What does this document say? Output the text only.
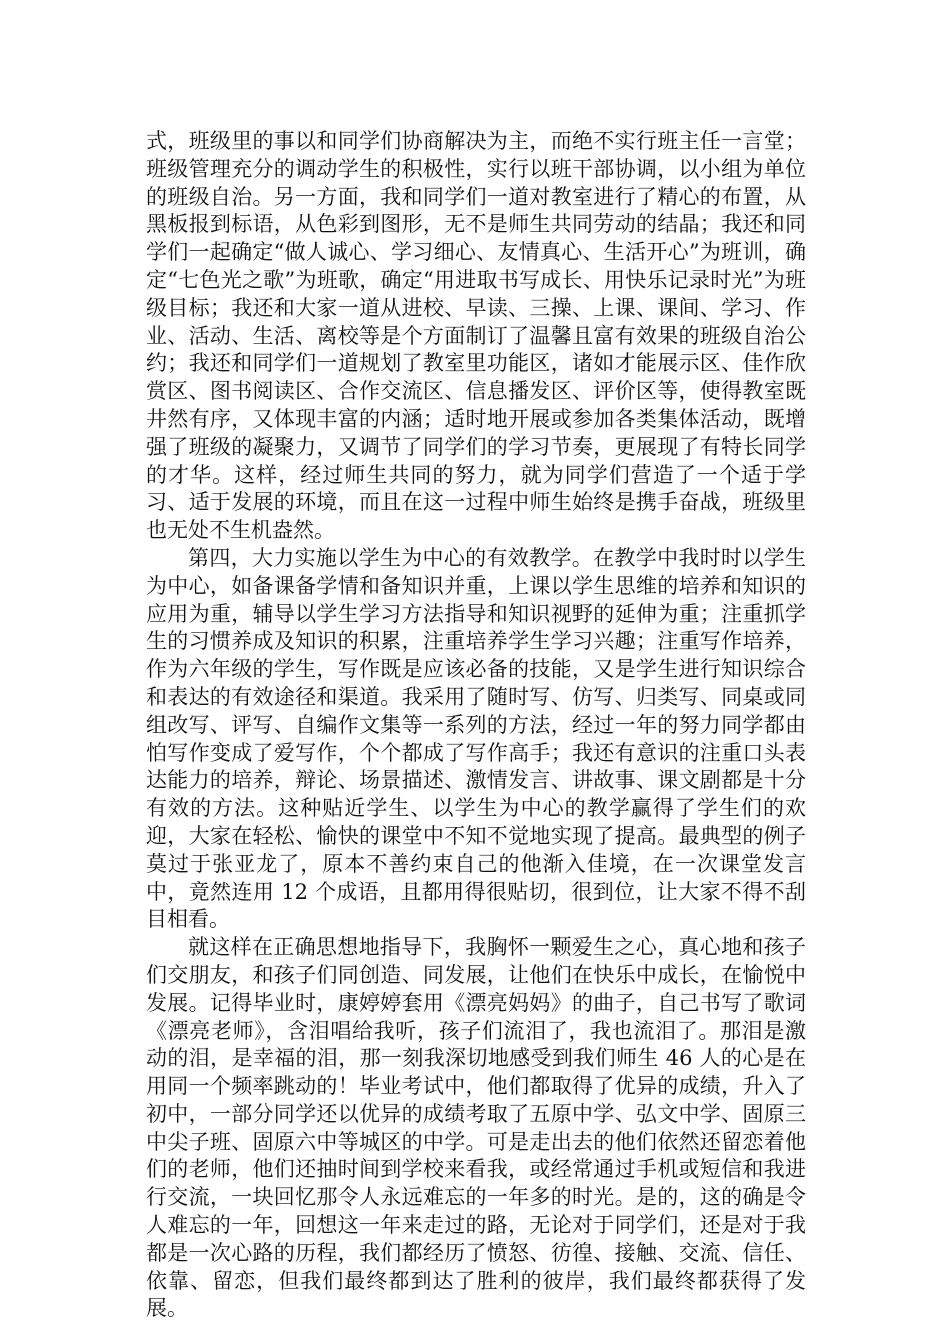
式，班级里的事以和同学们协商解决为主，而绝不实行班主任一言堂；班级管理充分的调动学生的积极性，实行以班干部协调，以小组为单位的班级自治。另一方面，我和同学们一道对教室进行了精心的布置，从黑板报到标语，从色彩到图形，无不是师生共同劳动的结晶；我还和同学们一起确定“做人诚心、学习细心、友情真心、生活开心”为班训，确定“七色光之歌”为班歌，确定“用进取书写成长、用快乐记录时光”为班级目标；我还和大家一道从进校、早读、三操、上课、课间、学习、作业、活动、生活、离校等是个方面制订了温馨且富有效果的班级自治公约；我还和同学们一道规划了教室里功能区，诸如才能展示区、佳作欣赏区、图书阅读区、合作交流区、信息播发区、评价区等，使得教室既井然有序，又体现丰富的内涵；适时地开展或参加各类集体活动，既增强了班级的凝聚力，又调节了同学们的学习节奏，更展现了有特长同学的才华。这样，经过师生共同的努力，就为同学们营造了一个适于学习、适于发展的环境，而且在这一过程中师生始终是携手奋战，班级里也无处不生机盎然。

第四，大力实施以学生为中心的有效教学。在教学中我时时以学生为中心，如备课备学情和备知识并重，上课以学生思维的培养和知识的应用为重，辅导以学生学习方法指导和知识视野的延伸为重；注重抓学生的习惯养成及知识的积累，注重培养学生学习兴趣；注重写作培养，作为六年级的学生，写作既是应该必备的技能，又是学生进行知识综合和表达的有效途径和渠道。我采用了随时写、仿写、归类写、同桌或同组改写、评写、自编作文集等一系列的方法，经过一年的努力同学都由怕写作变成了爱写作，个个都成了写作高手；我还有意识的注重口头表达能力的培养，辩论、场景描述、激情发言、讲故事、课文剧都是十分有效的方法。这种贴近学生、以学生为中心的教学赢得了学生们的欢迎，大家在轻松、愉快的课堂中不知不觉地实现了提高。最典型的例子莫过于张亚龙了，原本不善约束自己的他渐入佳境，在一次课堂发言中，竟然连用 12 个成语，且都用得很贴切，很到位，让大家不得不刮目相看。

就这样在正确思想地指导下，我胸怀一颗爱生之心，真心地和孩子们交朋友，和孩子们同创造、同发展，让他们在快乐中成长，在愉悦中发展。记得毕业时，康婷婷套用《漂亮妈妈》的曲子，自己书写了歌词《漂亮老师》，含泪唱给我听，孩子们流泪了，我也流泪了。那泪是激动的泪，是幸福的泪，那一刻我深切地感受到我们师生 46 人的心是在用同一个频率跳动的！毕业考试中，他们都取得了优异的成绩，升入了初中，一部分同学还以优异的成绩考取了五原中学、弘文中学、固原三中尖子班、固原六中等城区的中学。可是走出去的他们依然还留恋着他们的老师，他们还抽时间到学校来看我，或经常通过手机或短信和我进行交流，一块回忆那令人永远难忘的一年多的时光。是的，这的确是令人难忘的一年，回想这一年来走过的路，无论对于同学们，还是对于我都是一次心路的历程，我们都经历了愤怒、彷徨、接触、交流、信任、依靠、留恋，但我们最终都到达了胜利的彼岸，我们最终都获得了发展。
